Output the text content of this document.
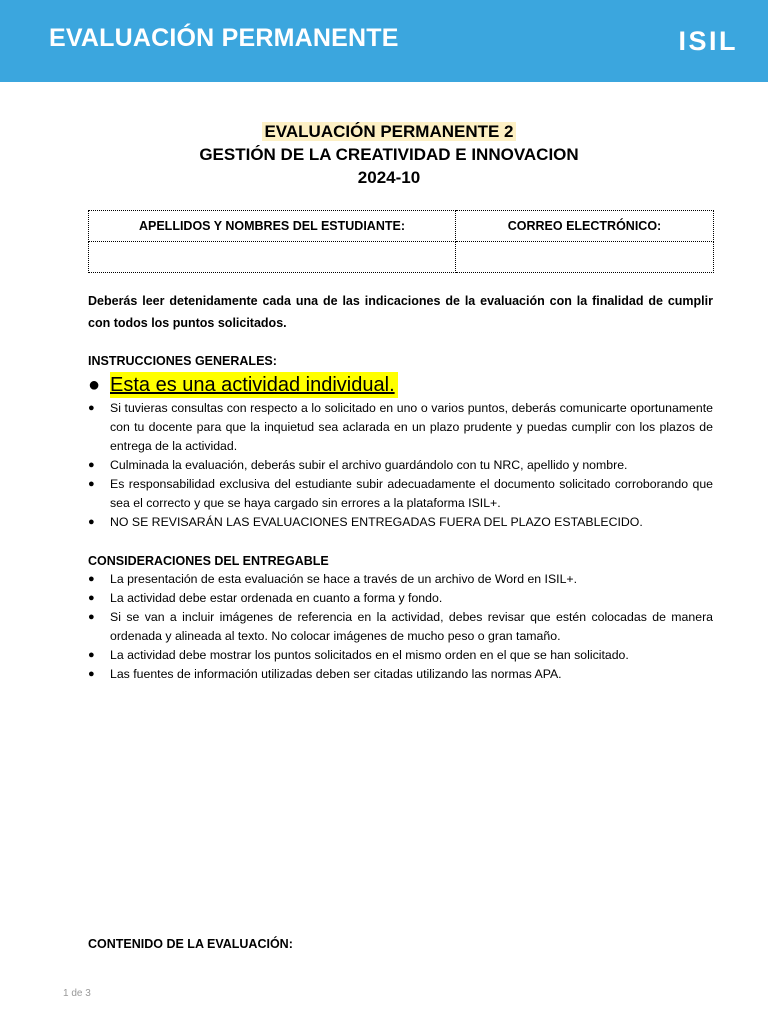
EVALUACIÓN PERMANENTE	ISIL
EVALUACIÓN PERMANENTE 2
GESTIÓN DE LA CREATIVIDAD E INNOVACION
2024-10
APELLIDOS Y NOMBRES DEL ESTUDIANTE:	CORREO ELECTRÓNICO:

Deberás leer detenidamente cada una de las indicaciones de la evaluación con la finalidad de cumplir con todos los puntos solicitados.

INSTRUCCIONES GENERALES:
● Esta es una actividad individual.
● Si tuvieras consultas con respecto a lo solicitado en uno o varios puntos, deberás comunicarte oportunamente con tu docente para que la inquietud sea aclarada en un plazo prudente y puedas cumplir con los plazos de entrega de la actividad.
● Culminada la evaluación, deberás subir el archivo guardándolo con tu NRC, apellido y nombre.
● Es responsabilidad exclusiva del estudiante subir adecuadamente el documento solicitado corroborando que sea el correcto y que se haya cargado sin errores a la plataforma ISIL+.
● NO SE REVISARÁN LAS EVALUACIONES ENTREGADAS FUERA DEL PLAZO ESTABLECIDO.
CONSIDERACIONES DEL ENTREGABLE
● La presentación de esta evaluación se hace a través de un archivo de Word en ISIL+.
● La actividad debe estar ordenada en cuanto a forma y fondo.
● Si se van a incluir imágenes de referencia en la actividad, debes revisar que estén colocadas de manera ordenada y alineada al texto. No colocar imágenes de mucho peso o gran tamaño.
● La actividad debe mostrar los puntos solicitados en el mismo orden en el que se han solicitado.
● Las fuentes de información utilizadas deben ser citadas utilizando las normas APA.
CONTENIDO DE LA EVALUACIÓN:
1 de 3
